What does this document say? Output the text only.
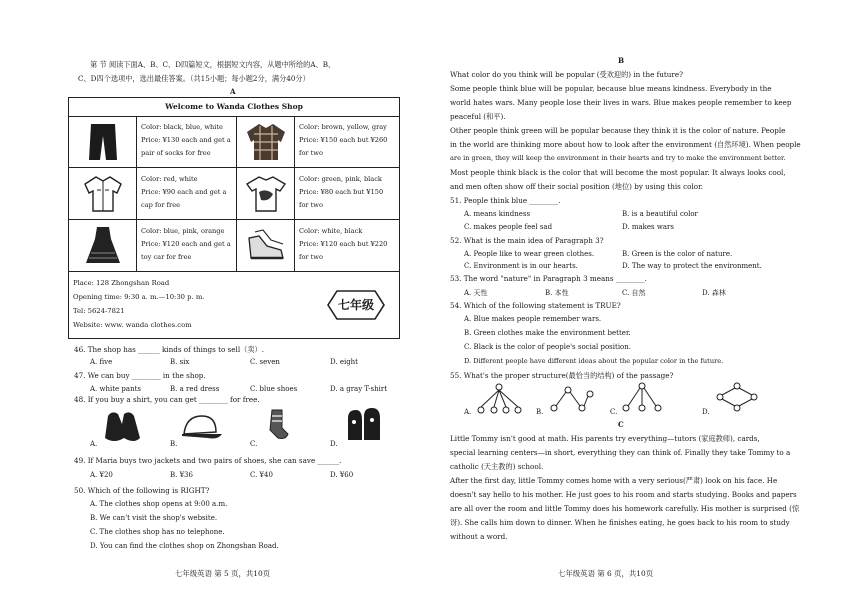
第 节 阅读下面A、B、C、D四篇短文，根据短文内容，从题中所给的A、B、
C、D四个选项中，选出最佳答案。（共15小题；每小题2分，满分40分）
A
Welcome to Wanda Clothes Shop
Color: black, blue, white
Price: ¥130 each and get a
pair of socks for free
Color: brown, yellow, gray
Price: ¥150 each but ¥260
for two
Color: red, white
Price: ¥90 each and get a
cap for free
Color: green, pink, black
Price: ¥80 each but ¥150
for two
Color: blue, pink, orange
Price: ¥120 each and get a
toy car for free
Color: white, black
Price: ¥120 each but ¥220
for two
Place: 128 Zhongshan Road
Opening time: 9:30 a. m.—10:30 p. m.
Tel: 5624-7821
Website: www. wanda clothes.com
七年级
46. The shop has ______ kinds of things to sell（卖）.
A. five	B. six	C. seven	D. eight
47. We can buy ________ in the shop.
A. white pants	B. a red dress	C. blue shoes	D. a gray T-shirt
48. If you buy a shirt, you can get ________ for free.
A.	B.	C.	D.
49. If Maria buys two jackets and two pairs of shoes, she can save ______.
A. ¥20	B. ¥36	C. ¥40	D. ¥60
50. Which of the following is RIGHT?
A. The clothes shop opens at 9:00 a.m.
B. We can't visit the shop's website.
C. The clothes shop has no telephone.
D. You can find the clothes shop on Zhongshan Road.
七年级英语 第 5 页，共10页
B
What color do you think will be popular (受欢迎的) in the future?
Some people think blue will be popular, because blue means kindness. Everybody in the
world hates wars. Many people lose their lives in wars. Blue makes people remember to keep
peaceful (和平).
Other people think green will be popular because they think it is the color of nature. People
in the world are thinking more about how to look after the environment (自然环境). When people
are in green, they will keep the environment in their hearts and try to make the environment better.
Most people think black is the color that will become the most popular. It always looks cool,
and men often show off their social position (地位) by using this color.
51. People think blue ________.
A. means kindness	B. is a beautiful color
C. makes people feel sad	D. makes wars
52. What is the main idea of Paragraph 3?
A. People like to wear green clothes.	B. Green is the color of nature.
C. Environment is in our hearts.	D. The way to protect the environment.
53. The word "nature" in Paragraph 3 means ________.
A. 天性	B. 本性	C. 自然	D. 森林
54. Which of the following statement is TRUE?
A. Blue makes people remember wars.
B. Green clothes make the environment better.
C. Black is the color of people's social position.
D. Different people have different ideas about the popular color in the future.
55. What's the proper structure(最恰当的结构) of the passage?
A.	B.	C.	D.
C
Little Tommy isn't good at math. His parents try everything—tutors (家庭教师), cards,
special learning centers—in short, everything they can think of. Finally they take Tommy to a
catholic (天主教的) school.
After the first day, little Tommy comes home with a very serious(严肃) look on his face. He
doesn't say hello to his mother. He just goes to his room and starts studying. Books and papers
are all over the room and little Tommy does his homework carefully. His mother is surprised (惊
讶). She calls him down to dinner. When he finishes eating, he goes back to his room to study
without a word.
七年级英语 第 6 页，共10页
